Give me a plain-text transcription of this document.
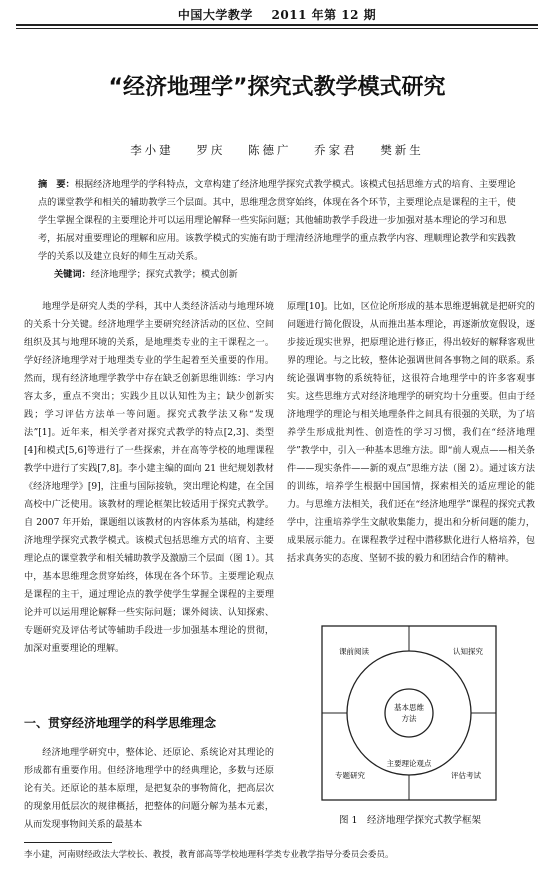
中国大学教学 2011 年第 12 期
“经济地理学”探究式教学模式研究
李小建 罗庆 陈德广 乔家君 樊新生
摘　要：根据经济地理学的学科特点，文章构建了经济地理学探究式教学模式。该模式包括思维方式的培育、主要理论点的课堂教学和相关的辅助教学三个层面。其中，思维理念贯穿始终，体现在各个环节，主要理论点是课程的主干，使学生掌握全课程的主要理论并可以运用理论解释一些实际问题；其他辅助教学手段进一步加强对基本理论的学习和思考，拓展对重要理论的理解和应用。该教学模式的实施有助于理清经济地理学的重点教学内容、理顺理论教学和实践教学的关系以及建立良好的师生互动关系。
关键词：经济地理学；探究式教学；模式创新

地理学是研究人类的学科，其中人类经济活动与地理环境的关系十分关键。经济地理学主要研究经济活动的区位、空间组织及其与地理环境的关系，是地理类专业的主干课程之一。学好经济地理学对于地理类专业的学生起着至关重要的作用。然而，现有经济地理学教学中存在缺乏创新思维训练：学习内容太多，重点不突出；实践少且以认知性为主；缺少创新实践；学习评估方法单一等问题。探究式教学法又称“发现法”[1]。近年来，相关学者对探究式教学的特点[2,3]、类型[4]和模式[5,6]等进行了一些探索，并在高等学校的地理课程教学中进行了实践[7,8]。李小建主编的面向 21 世纪规划教材《经济地理学》[9]，注重与国际接轨，突出理论构建，在全国高校中广泛使用。该教材的理论框架比较适用于探究式教学。自 2007 年开始，课题组以该教材的内容体系为基础，构建经济地理学探究式教学模式。该模式包括思维方式的培育、主要理论点的课堂教学和相关辅助教学及激励三个层面（图 1）。其中，基本思维理念贯穿始终，体现在各个环节。主要理论观点是课程的主干，通过理论点的教学使学生掌握全课程的主要理论并可以运用理论解释一些实际问题；课外阅读、认知探索、专题研究及评估考试等辅助手段进一步加强基本理论的贯彻，加深对重要理论的理解。

一、贯穿经济地理学的科学思维理念

经济地理学研究中，整体论、还原论、系统论对其理论的形成都有重要作用。但经济地理学中的经典理论，多数与还原论有关。还原论的基本原理，是把复杂的事物简化，把高层次的现象用低层次的规律概括，把整体的问题分解为基本元素，从而发现事物间关系的最基本

原理[10]。比如，区位论所形成的基本思维逻辑就是把研究的问题进行简化假设，从而推出基本理论，再逐渐放宽假设，逐步接近现实世界，把原理论进行修正，得出较好的解释客观世界的理论。与之比较，整体论强调世间各事物之间的联系。系统论强调事物的系统特征，这很符合地理学中的许多客观事实。这些思维方式对经济地理学的研究均十分重要。但由于经济地理学的理论与相关地理条件之间具有很强的关联，为了培养学生形成批判性、创造性的学习习惯，我们在“经济地理学”教学中，引入一种基本思维方法。即“前人观点——相关条件——现实条件——新的观点”思维方法（图 2）。通过该方法的训练，培养学生根据中国国情，探索相关的适应理论的能力。与思维方法相关，我们还在“经济地理学”课程的探究式教学中，注重培养学生文献收集能力，提出和分析问题的能力，成果展示能力。在课程教学过程中潜移默化进行人格培养，包括求真务实的态度、坚韧不拔的毅力和团结合作的精神。

基本思维方法
主要理论观点
课前阅读	认知探究
专题研究	评估考试
图 1　经济地理学探究式教学框架
李小建，河南财经政法大学校长、教授，教育部高等学校地理科学类专业教学指导分委员会委员。
